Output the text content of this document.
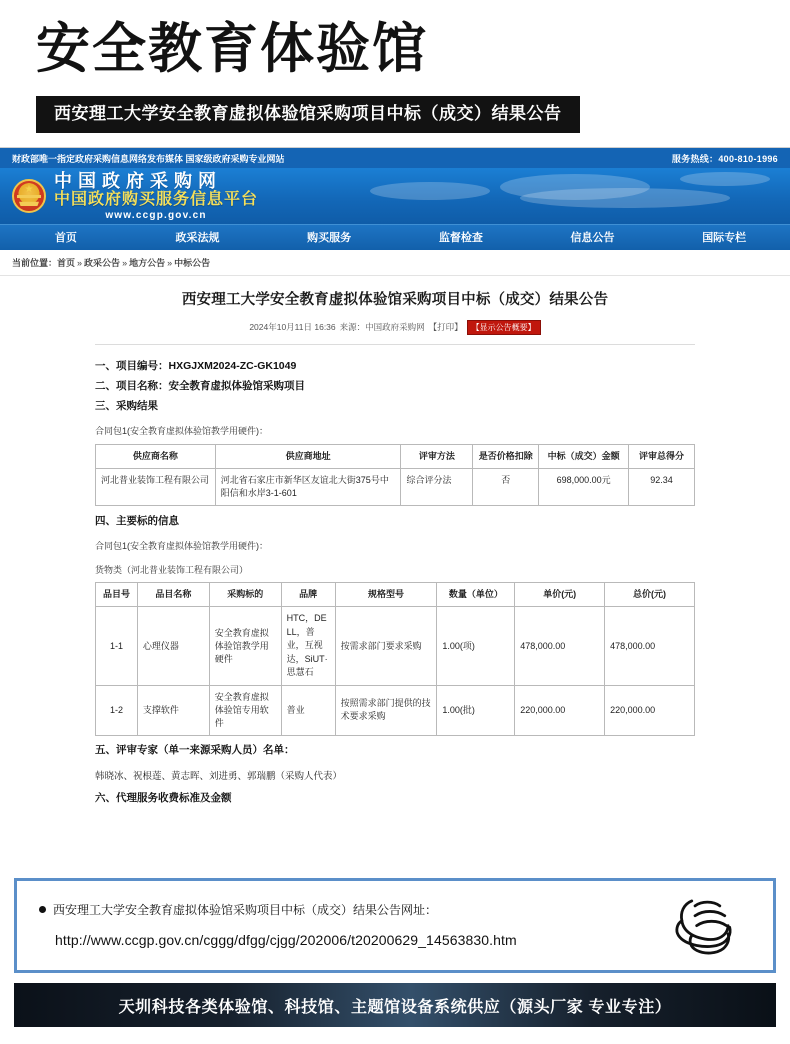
安全教育体验馆
西安理工大学安全教育虚拟体验馆采购项目中标（成交）结果公告
财政部唯一指定政府采购信息网络发布媒体 国家级政府采购专业网站	服务热线：400-810-1996
★ 中国政府采购网
中国政府购买服务信息平台
www.ccgp.gov.cn
首页	政采法规	购买服务	监督检查	信息公告	国际专栏
当前位置： 首页 » 政采公告 » 地方公告 » 中标公告
西安理工大学安全教育虚拟体验馆采购项目中标（成交）结果公告
2024年10月11日 16:36 来源：中国政府采购网 【打印】	【显示公告概要】
一、项目编号：HXGJXM2024-ZC-GK1049
二、项目名称：安全教育虚拟体验馆采购项目
三、采购结果
合同包1(安全教育虚拟体验馆教学用硬件)：
供应商名称	供应商地址	评审方法	是否价格扣除	中标（成交）金额	评审总得分
河北普业装饰工程有限公司	河北省石家庄市新华区友谊北大街375号中阳信和水岸3-1-601	综合评分法	否	698,000.00元	92.34
四、主要标的信息
合同包1(安全教育虚拟体验馆教学用硬件)：
货物类（河北普业装饰工程有限公司）
品目号	品目名称	采购标的	品牌	规格型号	数量（单位）	单价(元)	总价(元)
1-1	心理仪器	安全教育虚拟体验馆教学用硬件	HTC，DELL，普业，互视达，SiUT·思慧石	按需求部门要求采购	1.00(项)	478,000.00	478,000.00
1-2	支撑软件	安全教育虚拟体验馆专用软件	普业	按照需求部门提供的技术要求采购	1.00(批)	220,000.00	220,000.00
五、评审专家（单一来源采购人员）名单：
韩晓冰、祝根莲、黄志晖、刘进勇、郭瑞鹏（采购人代表）
六、代理服务收费标准及金额
西安理工大学安全教育虚拟体验馆采购项目中标（成交）结果公告网址：
http://www.ccgp.gov.cn/cggg/dfgg/cjgg/202006/t20200629_14563830.htm
天圳科技各类体验馆、科技馆、主题馆设备系统供应（源头厂家 专业专注）
